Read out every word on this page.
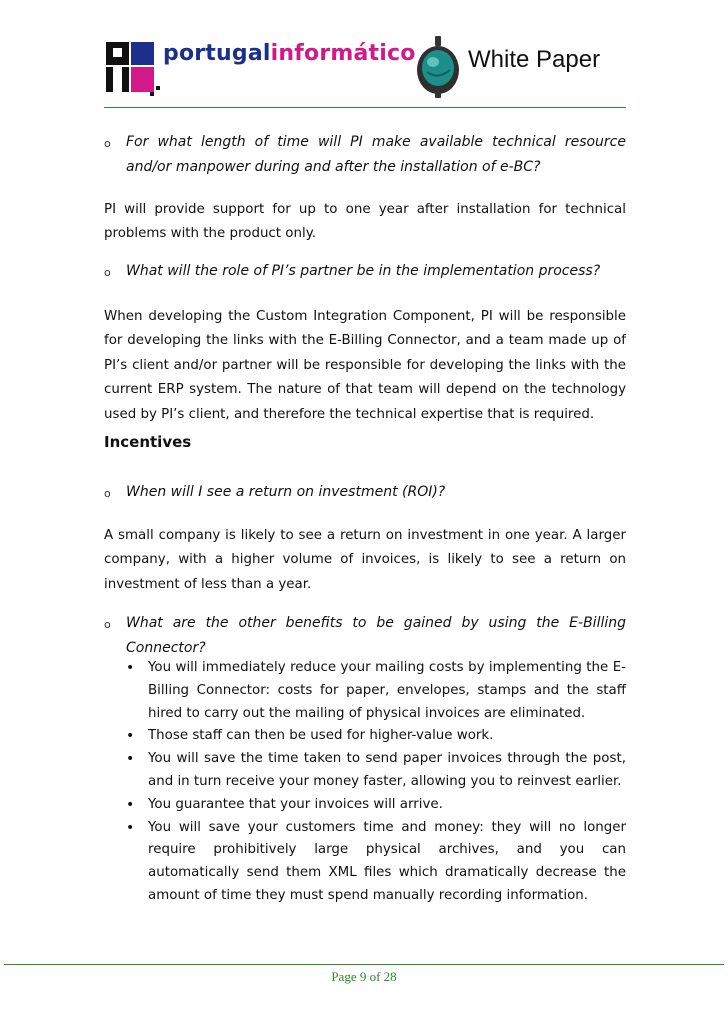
portugalinformático White Paper
o	For what length of time will PI make available technical resource and/or manpower during and after the installation of e-BC?
PI will provide support for up to one year after installation for technical problems with the product only.
o	What will the role of PI’s partner be in the implementation process?
When developing the Custom Integration Component, PI will be responsible for developing the links with the E-Billing Connector, and a team made up of PI’s client and/or partner will be responsible for developing the links with the current ERP system. The nature of that team will depend on the technology used by PI’s client, and therefore the technical expertise that is required.
Incentives
o	When will I see a return on investment (ROI)?
A small company is likely to see a return on investment in one year. A larger company, with a higher volume of invoices, is likely to see a return on investment of less than a year.
o	What are the other benefits to be gained by using the E-Billing Connector?
• You will immediately reduce your mailing costs by implementing the E-Billing Connector: costs for paper, envelopes, stamps and the staff hired to carry out the mailing of physical invoices are eliminated.
• Those staff can then be used for higher-value work.
• You will save the time taken to send paper invoices through the post, and in turn receive your money faster, allowing you to reinvest earlier.
• You guarantee that your invoices will arrive.
• You will save your customers time and money: they will no longer require prohibitively large physical archives, and you can automatically send them XML files which dramatically decrease the amount of time they must spend manually recording information.
Page 9 of 28
